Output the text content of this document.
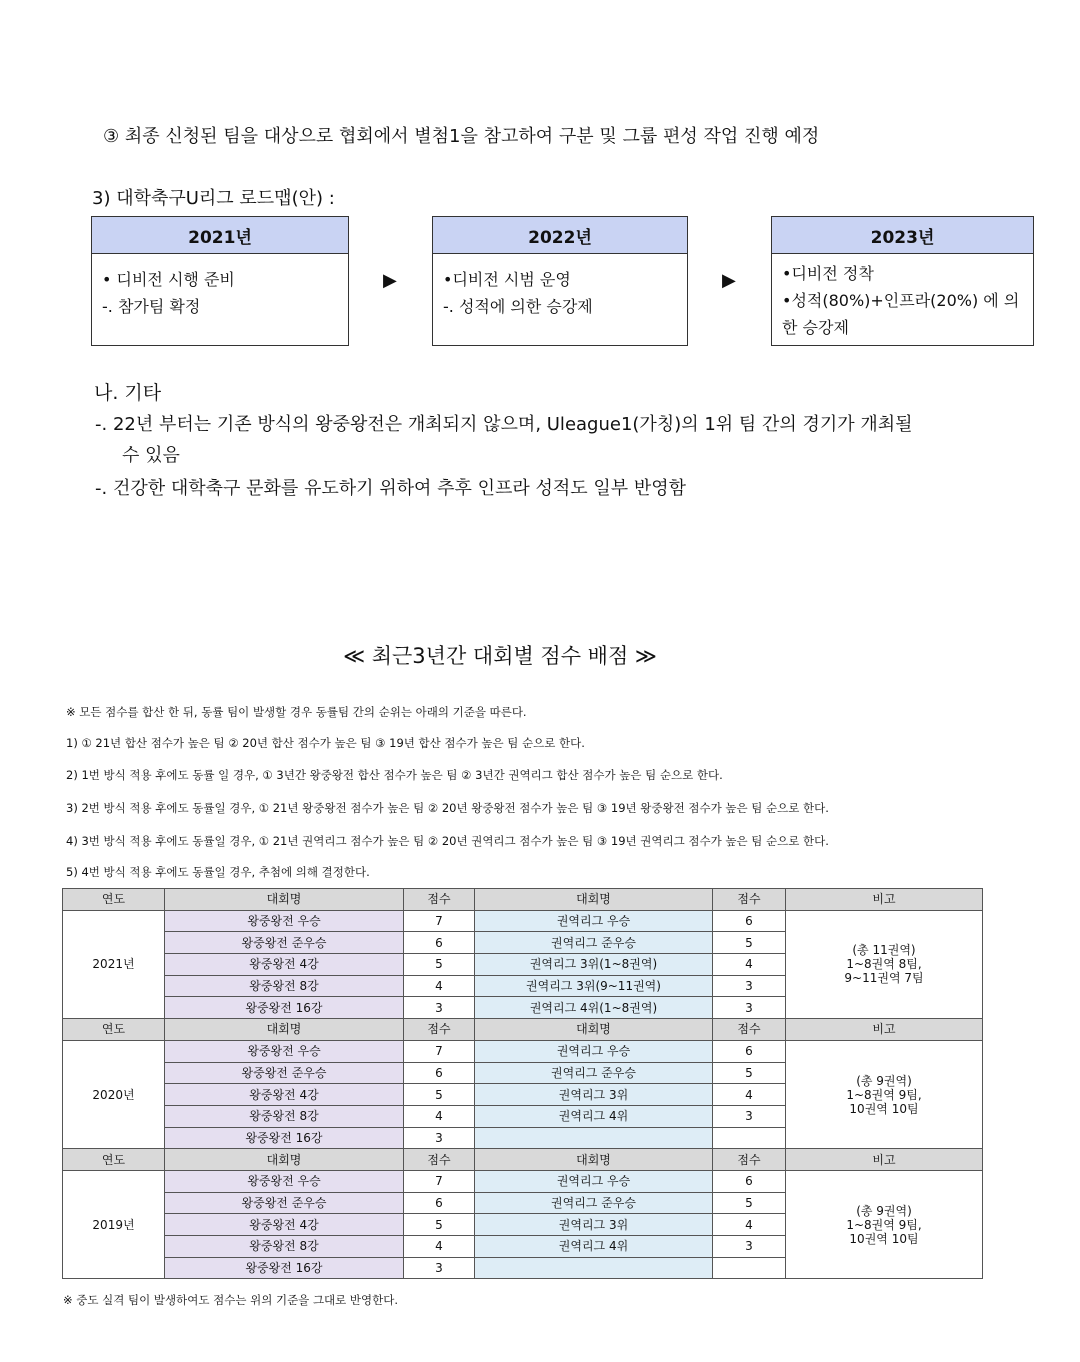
③ 최종 신청된 팀을 대상으로 협회에서 별첨1을 참고하여 구분 및 그룹 편성 작업 진행 예정
3) 대학축구U리그 로드맵(안) :
2021년
• 디비전 시행 준비
-. 참가팀 확정
▶
2022년
•디비전 시범 운영
-. 성적에 의한 승강제
▶
2023년
•디비전 정착
•성적(80%)+인프라(20%) 에 의한 승강제
나. 기타
-. 22년 부터는 기존 방식의 왕중왕전은 개최되지 않으며, Uleague1(가칭)의 1위 팀 간의 경기가 개최될
수 있음
-. 건강한 대학축구 문화를 유도하기 위하여 추후 인프라 성적도 일부 반영함
≪ 최근3년간 대회별 점수 배점 ≫
※ 모든 점수를 합산 한 뒤, 동률 팀이 발생할 경우 동률팀 간의 순위는 아래의 기준을 따른다.
1) ① 21년 합산 점수가 높은 팀 ② 20년 합산 점수가 높은 팀 ③ 19년 합산 점수가 높은 팀 순으로 한다.
2) 1번 방식 적용 후에도 동률 일 경우, ① 3년간 왕중왕전 합산 점수가 높은 팀 ② 3년간 권역리그 합산 점수가 높은 팀 순으로 한다.
3) 2번 방식 적용 후에도 동률일 경우, ① 21년 왕중왕전 점수가 높은 팀 ② 20년 왕중왕전 점수가 높은 팀 ③ 19년 왕중왕전 점수가 높은 팀 순으로 한다.
4) 3번 방식 적용 후에도 동률일 경우, ① 21년 권역리그 점수가 높은 팀 ② 20년 권역리그 점수가 높은 팀 ③ 19년 권역리그 점수가 높은 팀 순으로 한다.
5) 4번 방식 적용 후에도 동률일 경우, 추첨에 의해 결정한다.
연도	대회명	점수	대회명	점수	비고
2021년	왕중왕전 우승	7	권역리그 우승	6	(총 11권역)
1~8권역 8팀,
9~11권역 7팀

	왕중왕전 준우승	6	권역리그 준우승	5	
	왕중왕전 4강	5	권역리그 3위(1~8권역)	4	
	왕중왕전 8강	4	권역리그 3위(9~11권역)	3	
	왕중왕전 16강	3	권역리그 4위(1~8권역)	3	
연도	대회명	점수	대회명	점수	비고
2020년	왕중왕전 우승	7	권역리그 우승	6	(총 9권역)
1~8권역 9팀,
10권역 10팀

	왕중왕전 준우승	6	권역리그 준우승	5	
	왕중왕전 4강	5	권역리그 3위	4	
	왕중왕전 8강	4	권역리그 4위	3	
	왕중왕전 16강	3			
연도	대회명	점수	대회명	점수	비고
2019년	왕중왕전 우승	7	권역리그 우승	6	(총 9권역)
1~8권역 9팀,
10권역 10팀

	왕중왕전 준우승	6	권역리그 준우승	5	
	왕중왕전 4강	5	권역리그 3위	4	
	왕중왕전 8강	4	권역리그 4위	3	
	왕중왕전 16강	3			
※ 중도 실격 팀이 발생하여도 점수는 위의 기준을 그대로 반영한다.
